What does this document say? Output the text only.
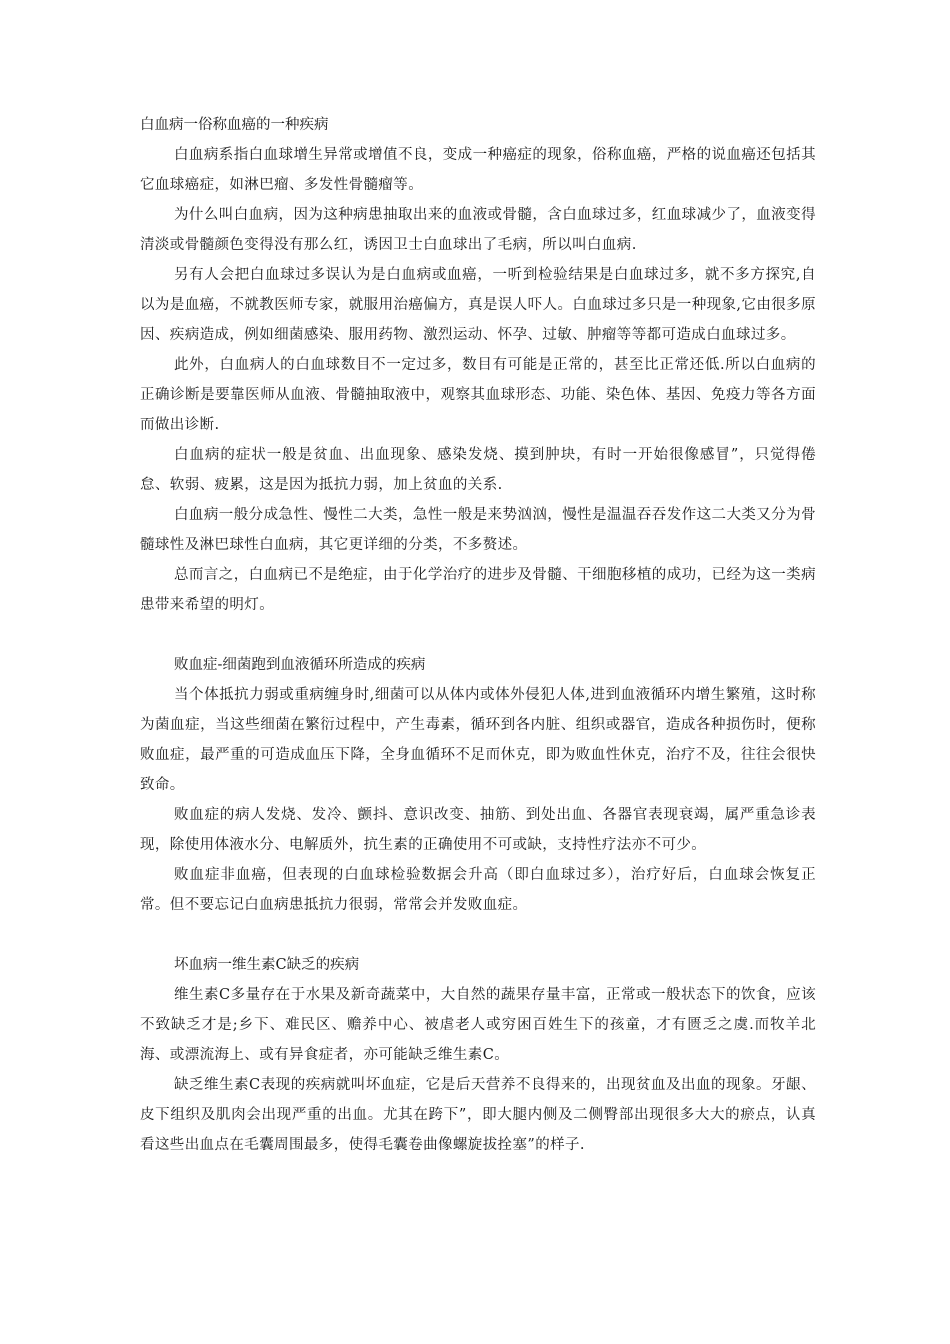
白血病一俗称血癌的一种疾病

白血病系指白血球增生异常或增值不良，变成一种癌症的现象，俗称血癌，严格的说血癌还包括其它血球癌症，如淋巴瘤、多发性骨髓瘤等。

为什么叫白血病，因为这种病患抽取出来的血液或骨髓，含白血球过多，红血球减少了，血液变得清淡或骨髓颜色变得没有那么红，诱因卫士白血球出了毛病，所以叫白血病.

另有人会把白血球过多误认为是白血病或血癌，一听到检验结果是白血球过多，就不多方探究,自以为是血癌，不就教医师专家，就服用治癌偏方，真是误人吓人。白血球过多只是一种现象,它由很多原因、疾病造成，例如细菌感染、服用药物、激烈运动、怀孕、过敏、肿瘤等等都可造成白血球过多。

此外，白血病人的白血球数目不一定过多，数目有可能是正常的，甚至比正常还低.所以白血病的正确诊断是要靠医师从血液、骨髓抽取液中，观察其血球形态、功能、染色体、基因、免疫力等各方面而做出诊断.

白血病的症状一般是贫血、出血现象、感染发烧、摸到肿块，有时一开始很像感冒”，只觉得倦怠、软弱、疲累，这是因为抵抗力弱，加上贫血的关系.

白血病一般分成急性、慢性二大类，急性一般是来势汹汹，慢性是温温吞吞发作这二大类又分为骨髓球性及淋巴球性白血病，其它更详细的分类，不多赘述。

总而言之，白血病已不是绝症，由于化学治疗的进步及骨髓、干细胞移植的成功，已经为这一类病患带来希望的明灯。

败血症-细菌跑到血液循环所造成的疾病

当个体抵抗力弱或重病缠身时,细菌可以从体内或体外侵犯人体,进到血液循环内增生繁殖，这时称为菌血症，当这些细菌在繁衍过程中，产生毒素，循环到各内脏、组织或器官，造成各种损伤时，便称败血症，最严重的可造成血压下降，全身血循环不足而休克，即为败血性休克，治疗不及，往往会很快致命。

败血症的病人发烧、发冷、颤抖、意识改变、抽筋、到处出血、各器官表现衰竭，属严重急诊表现，除使用体液水分、电解质外，抗生素的正确使用不可或缺，支持性疗法亦不可少。

败血症非血癌，但表现的白血球检验数据会升高（即白血球过多），治疗好后，白血球会恢复正常。但不要忘记白血病患抵抗力很弱，常常会并发败血症。

坏血病一维生素C缺乏的疾病

维生素C多量存在于水果及新奇蔬菜中，大自然的蔬果存量丰富，正常或一般状态下的饮食，应该不致缺乏才是;乡下、难民区、赡养中心、被虐老人或穷困百姓生下的孩童，才有匮乏之虞.而牧羊北海、或漂流海上、或有异食症者，亦可能缺乏维生素C。

缺乏维生素C表现的疾病就叫坏血症，它是后天营养不良得来的，出现贫血及出血的现象。牙龈、皮下组织及肌肉会出现严重的出血。尤其在跨下”，即大腿内侧及二侧臀部出现很多大大的瘀点，认真看这些出血点在毛囊周围最多，使得毛囊卷曲像螺旋拔拴塞”的样子.
